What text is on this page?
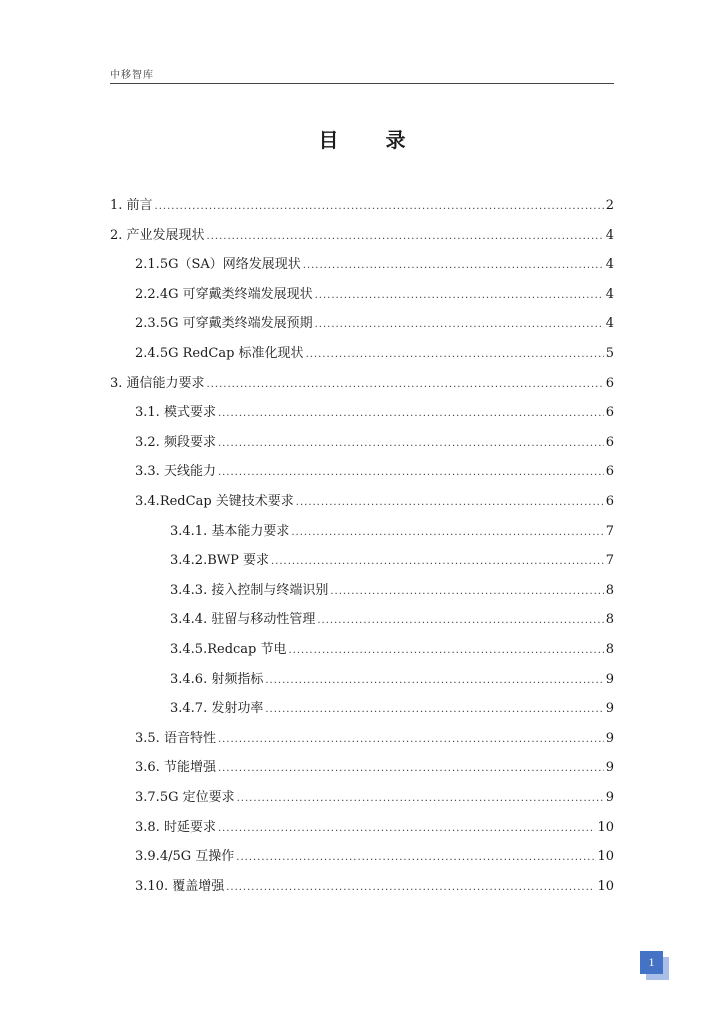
中移智库
目 录
1. 前言 .....	2
2. 产业发展现状 .....	4
2.1. 5G（SA）网络发展现状 .....	4
2.2. 4G 可穿戴类终端发展现状 .....	4
2.3. 5G 可穿戴类终端发展预期 .....	4
2.4. 5G RedCap 标准化现状 .....	5
3. 通信能力要求 .....	6
3.1. 模式要求 .....	6
3.2. 频段要求 .....	6
3.3. 天线能力 .....	6
3.4. RedCap 关键技术要求 .....	6
3.4.1. 基本能力要求 .....	7
3.4.2. BWP 要求 .....	7
3.4.3. 接入控制与终端识别 .....	8
3.4.4. 驻留与移动性管理 .....	8
3.4.5. Redcap 节电 .....	8
3.4.6. 射频指标 .....	9
3.4.7. 发射功率 .....	9
3.5. 语音特性 .....	9
3.6. 节能增强 .....	9
3.7. 5G 定位要求 .....	9
3.8. 时延要求 .....	10
3.9. 4/5G 互操作 .....	10
3.10. 覆盖增强 .....	10
1
